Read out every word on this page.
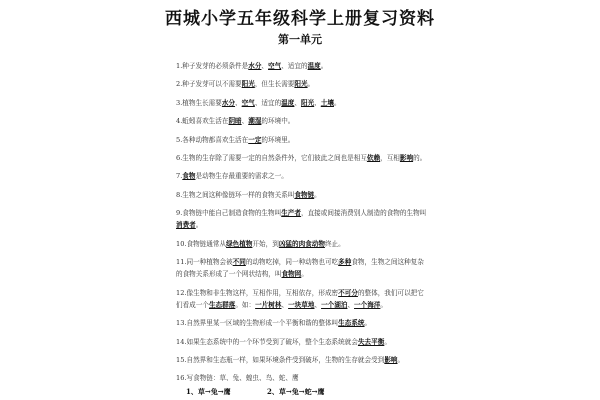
西城小学五年级科学上册复习资料
第一单元
1.种子发芽的必须条件是水分、空气、适宜的温度。
2.种子发芽可以不需要阳光，但生长需要阳光。
3.植物生长需要水分、空气、适宜的温度、阳光、土壤。
4.蚯蚓喜欢生活在阴暗、潮湿的环境中。
5.各种动物都喜欢生活在一定的环境里。
6.生物的生存除了需要一定的自然条件外，它们彼此之间也是相互依赖，互相影响的。
7.食物是动物生存最重要的需求之一。
8.生物之间这种像链环一样的食物关系叫食物链。
9.食物链中能自己制造食物的生物叫生产者，直接或间接消费别人制造的食物的生物叫消费者。
10.食物链通常从绿色植物开始，到凶猛的肉食动物终止。
11.同一种植物会被不同的动物吃掉，同一种动物也可吃多种食物，生物之间这种复杂的食物关系形成了一个网状结构，叫食物网。
12.像生物和非生物这样，互相作用，互相依存，形成密不可分的整体，我们可以把它们看成一个生态群落。如：一片树林、一块草地、一个湖泊、一个海洋。
13.自然界里某一区域的生物形成一个平衡和谐的整体叫生态系统。
14.如果生态系统中的一个环节受到了破坏，整个生态系统就会失去平衡。
15.自然界和生态瓶一样，如果环境条件受到破坏，生物的生存就会受到影响。
16.写食物链：草、兔、蝗虫、鸟、蛇、鹰
1、草→兔→鹰	2、草→兔→蛇→鹰
